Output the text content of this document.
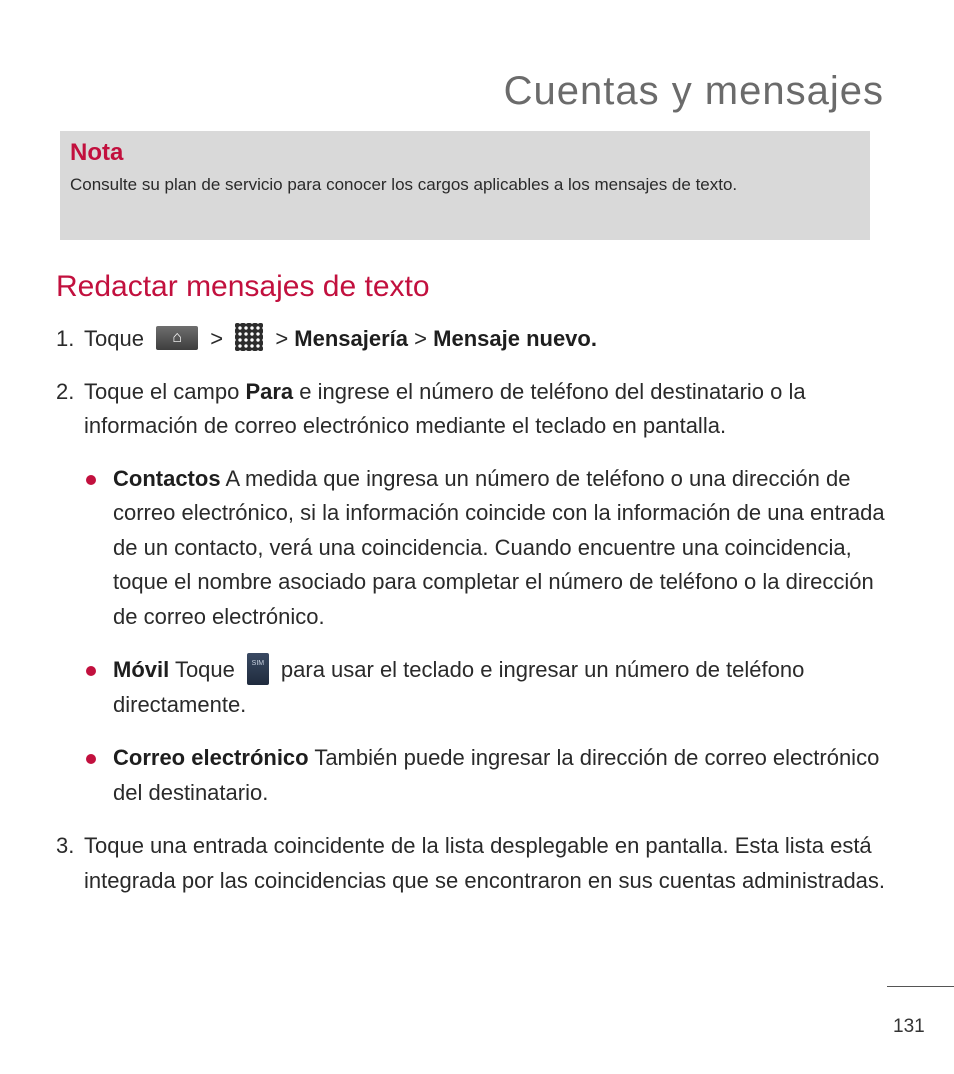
Cuentas y mensajes

Nota

Consulte su plan de servicio para conocer los cargos aplicables a los mensajes de texto.

Redactar mensajes de texto

1. Toque ⌂	> > Mensajería > Mensaje nuevo.

2. Toque el campo Para e ingrese el número de teléfono del destinatario o la información de correo electrónico mediante el teclado en pantalla.

Contactos A medida que ingresa un número de teléfono o una dirección de correo electrónico, si la información coincide con la información de una entrada de un contacto, verá una coincidencia. Cuando encuentre una coincidencia, toque el nombre asociado para completar el número de teléfono o la dirección de correo electrónico.
Móvil Toque SIM para usar el teclado e ingresar un número de teléfono directamente.
Correo electrónico También puede ingresar la dirección de correo electrónico del destinatario.

3. Toque una entrada coincidente de la lista desplegable en pantalla. Esta lista está integrada por las coincidencias que se encontraron en sus cuentas administradas.

131
